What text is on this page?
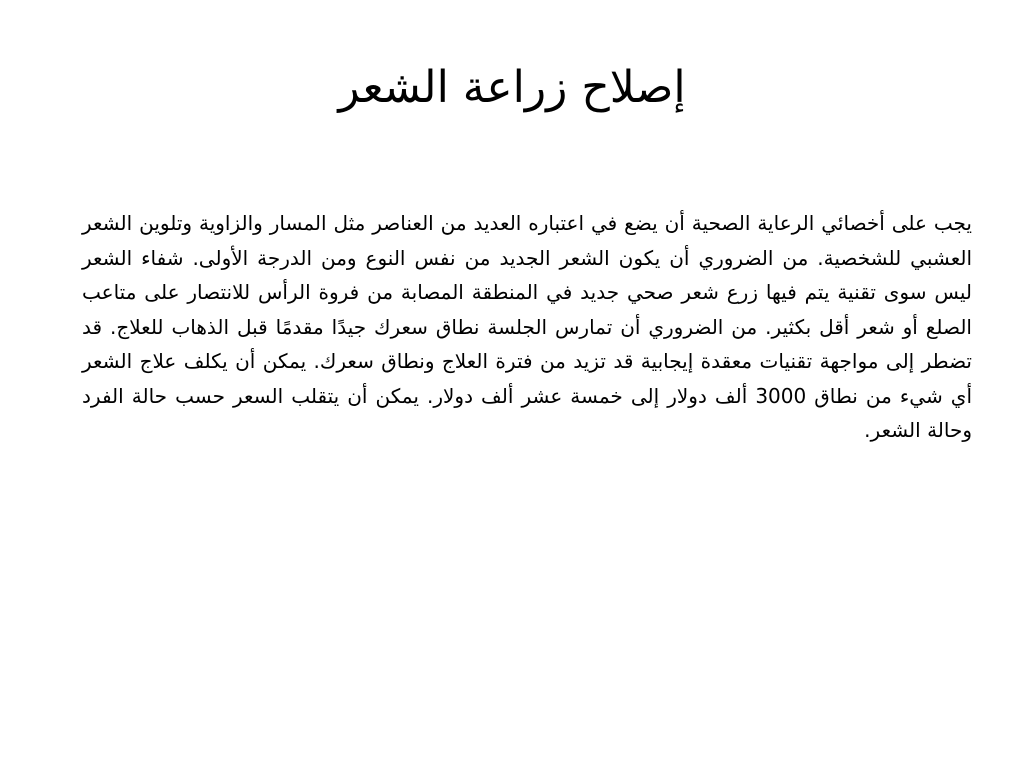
إصلاح زراعة الشعر

يجب على أخصائي الرعاية الصحية أن يضع في اعتباره العديد من العناصر مثل المسار والزاوية وتلوين الشعر العشبي للشخصية. من الضروري أن يكون الشعر الجديد من نفس النوع ومن الدرجة الأولى. شفاء الشعر ليس سوى تقنية يتم فيها زرع شعر صحي جديد في المنطقة المصابة من فروة الرأس للانتصار على متاعب الصلع أو شعر أقل بكثير. من الضروري أن تمارس الجلسة نطاق سعرك جيدًا مقدمًا قبل الذهاب للعلاج. قد تضطر إلى مواجهة تقنيات معقدة إيجابية قد تزيد من فترة العلاج ونطاق سعرك. يمكن أن يكلف علاج الشعر أي شيء من نطاق 3000 ألف دولار إلى خمسة عشر ألف دولار. يمكن أن يتقلب السعر حسب حالة الفرد وحالة الشعر.
